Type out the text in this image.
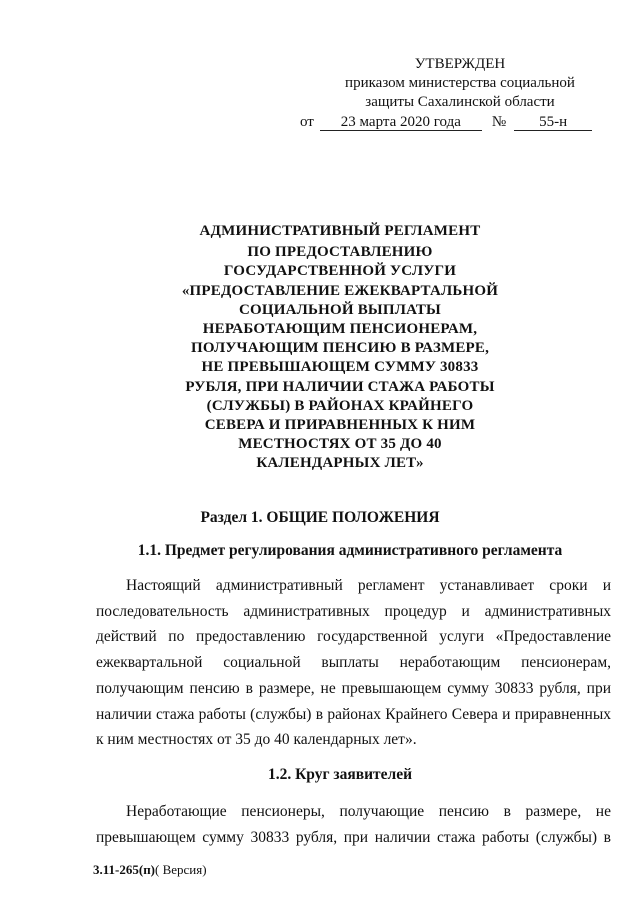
УТВЕРЖДЕН
приказом министерства социальной
защиты Сахалинской области
от	23 марта 2020 года	№	55-н
АДМИНИСТРАТИВНЫЙ РЕГЛАМЕНТ
ПО ПРЕДОСТАВЛЕНИЮ
ГОСУДАРСТВЕННОЙ УСЛУГИ
«ПРЕДОСТАВЛЕНИЕ ЕЖЕКВАРТАЛЬНОЙ
СОЦИАЛЬНОЙ ВЫПЛАТЫ
НЕРАБОТАЮЩИМ ПЕНСИОНЕРАМ,
ПОЛУЧАЮЩИМ ПЕНСИЮ В РАЗМЕРЕ,
НЕ ПРЕВЫШАЮЩЕМ СУММУ 30833
РУБЛЯ, ПРИ НАЛИЧИИ СТАЖА РАБОТЫ
(СЛУЖБЫ) В РАЙОНАХ КРАЙНЕГО
СЕВЕРА И ПРИРАВНЕННЫХ К НИМ
МЕСТНОСТЯХ ОТ 35 ДО 40
КАЛЕНДАРНЫХ ЛЕТ»
Раздел 1. ОБЩИЕ ПОЛОЖЕНИЯ
1.1. Предмет регулирования административного регламента
Настоящий административный регламент устанавливает сроки и
последовательность административных процедур и административных
действий по предоставлению государственной услуги «Предоставление
ежеквартальной социальной выплаты неработающим пенсионерам,
получающим пенсию в размере, не превышающем сумму 30833 рубля, при
наличии стажа работы (службы) в районах Крайнего Севера и приравненных
к ним местностях от 35 до 40 календарных лет».
1.2. Круг заявителей
Неработающие пенсионеры, получающие пенсию в размере, не
превышающем сумму 30833 рубля, при наличии стажа работы (службы) в
3.11-265(п)( Версия)
